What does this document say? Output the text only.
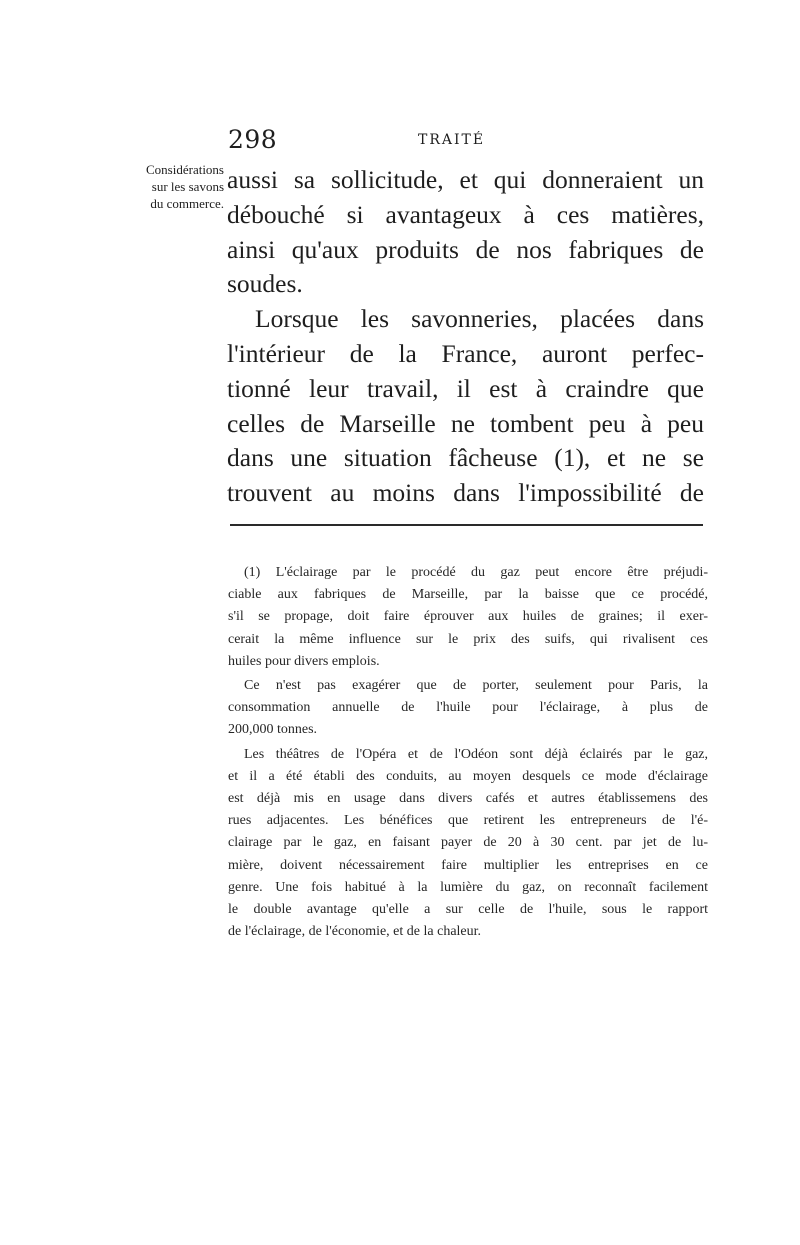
298	TRAITÉ
Considérations
sur les savons
du commerce.
aussi sa sollicitude, et qui donneraient un
débouché si avantageux à ces matières,
ainsi qu'aux produits de nos fabriques de
soudes.
Lorsque les savonneries, placées dans
l'intérieur de la France, auront perfec-
tionné leur travail, il est à craindre que
celles de Marseille ne tombent peu à peu
dans une situation fâcheuse (1), et ne se
trouvent au moins dans l'impossibilité de
(1) L'éclairage par le procédé du gaz peut encore être préjudi-
ciable aux fabriques de Marseille, par la baisse que ce procédé,
s'il se propage, doit faire éprouver aux huiles de graines; il exer-
cerait la même influence sur le prix des suifs, qui rivalisent ces
huiles pour divers emplois.
Ce n'est pas exagérer que de porter, seulement pour Paris, la
consommation annuelle de l'huile pour l'éclairage, à plus de
200,000 tonnes.
Les théâtres de l'Opéra et de l'Odéon sont déjà éclairés par le gaz,
et il a été établi des conduits, au moyen desquels ce mode d'éclairage
est déjà mis en usage dans divers cafés et autres établissemens des
rues adjacentes. Les bénéfices que retirent les entrepreneurs de l'é-
clairage par le gaz, en faisant payer de 20 à 30 cent. par jet de lu-
mière, doivent nécessairement faire multiplier les entreprises en ce
genre. Une fois habitué à la lumière du gaz, on reconnaît facilement
le double avantage qu'elle a sur celle de l'huile, sous le rapport
de l'éclairage, de l'économie, et de la chaleur.
